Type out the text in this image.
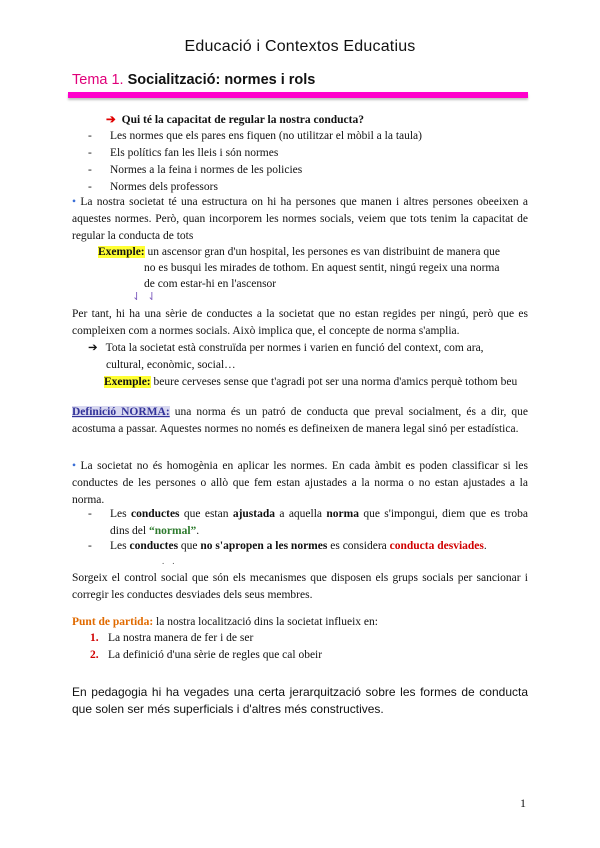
Educació i Contextos Educatius
Tema 1. Socialització: normes i rols
➔ Qui té la capacitat de regular la nostra conducta?
- Les normes que els pares ens fiquen (no utilitzar el mòbil a la taula)
- Els polítics fan les lleis i són normes
- Normes a la feina i normes de les policies
- Normes dels professors
• La nostra societat té una estructura on hi ha persones que manen i altres persones obeeixen a aquestes normes. Però, quan incorporem les normes socials, veiem que tots tenim la capacitat de regular la conducta de tots
Exemple: un ascensor gran d'un hospital, les persones es van distribuint de manera que
no es busqui les mirades de tothom. En aquest sentit, ningú regeix una norma
de com estar-hi en l'ascensor
⇃⇃
Per tant, hi ha una sèrie de conductes a la societat que no estan regides per ningú, però que es compleixen com a normes socials. Això implica que, el concepte de norma s'amplia.
➔ Tota la societat està construïda per normes i varien en funció del context, com ara,
cultural, econòmic, social…
Exemple: beure cerveses sense que t'agradi pot ser una norma d'amics perquè tothom beu
Definició NORMA: una norma és un patró de conducta que preval socialment, és a dir, que acostuma a passar. Aquestes normes no només es defineixen de manera legal sinó per estadística.
• La societat no és homogènia en aplicar les normes. En cada àmbit es poden classificar si les conductes de les persones o allò que fem estan ajustades a la norma o no estan ajustades a la norma.
-	Les conductes que estan ajustada a aquella norma que s'impongui, diem que es troba dins del “normal”.
- Les conductes que no s'apropen a les normes es considera conducta desviades.
..
Sorgeix el control social que són els mecanismes que disposen els grups socials per sancionar i corregir les conductes desviades dels seus membres.
Punt de partida: la nostra localització dins la societat influeix en:
1. La nostra manera de fer i de ser
2. La definició d'una sèrie de regles que cal obeir
En pedagogia hi ha vegades una certa jerarquització sobre les formes de conducta que solen ser més superficials i d'altres més constructives.
1
